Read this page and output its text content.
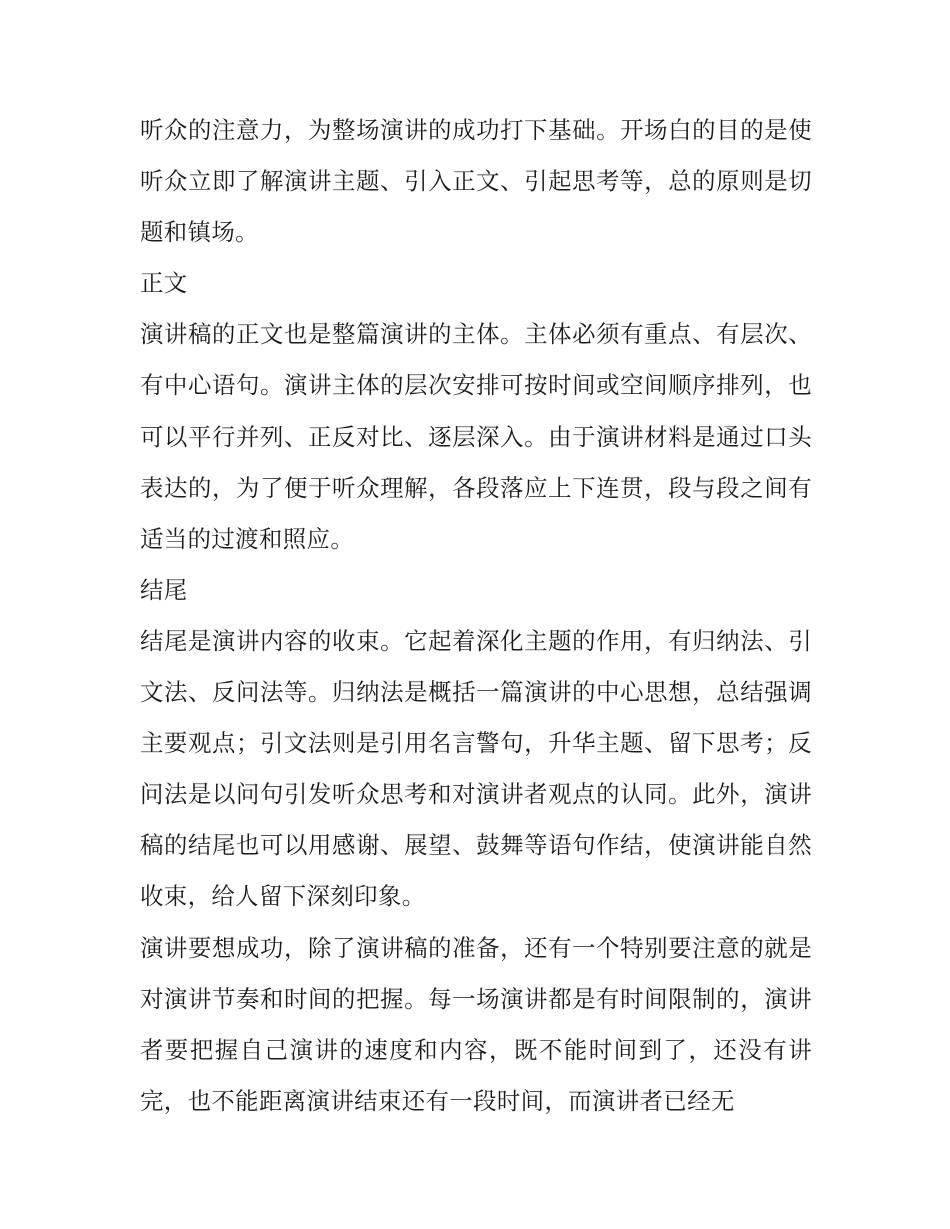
听众的注意力，为整场演讲的成功打下基础。开场白的目的是使听众立即了解演讲主题、引入正文、引起思考等，总的原则是切题和镇场。

正文

演讲稿的正文也是整篇演讲的主体。主体必须有重点、有层次、有中心语句。演讲主体的层次安排可按时间或空间顺序排列，也可以平行并列、正反对比、逐层深入。由于演讲材料是通过口头表达的，为了便于听众理解，各段落应上下连贯，段与段之间有适当的过渡和照应。

结尾

结尾是演讲内容的收束。它起着深化主题的作用，有归纳法、引文法、反问法等。归纳法是概括一篇演讲的中心思想，总结强调主要观点；引文法则是引用名言警句，升华主题、留下思考；反问法是以问句引发听众思考和对演讲者观点的认同。此外，演讲稿的结尾也可以用感谢、展望、鼓舞等语句作结，使演讲能自然收束，给人留下深刻印象。

演讲要想成功，除了演讲稿的准备，还有一个特别要注意的就是对演讲节奏和时间的把握。每一场演讲都是有时间限制的，演讲者要把握自己演讲的速度和内容，既不能时间到了，还没有讲完，也不能距离演讲结束还有一段时间，而演讲者已经无
